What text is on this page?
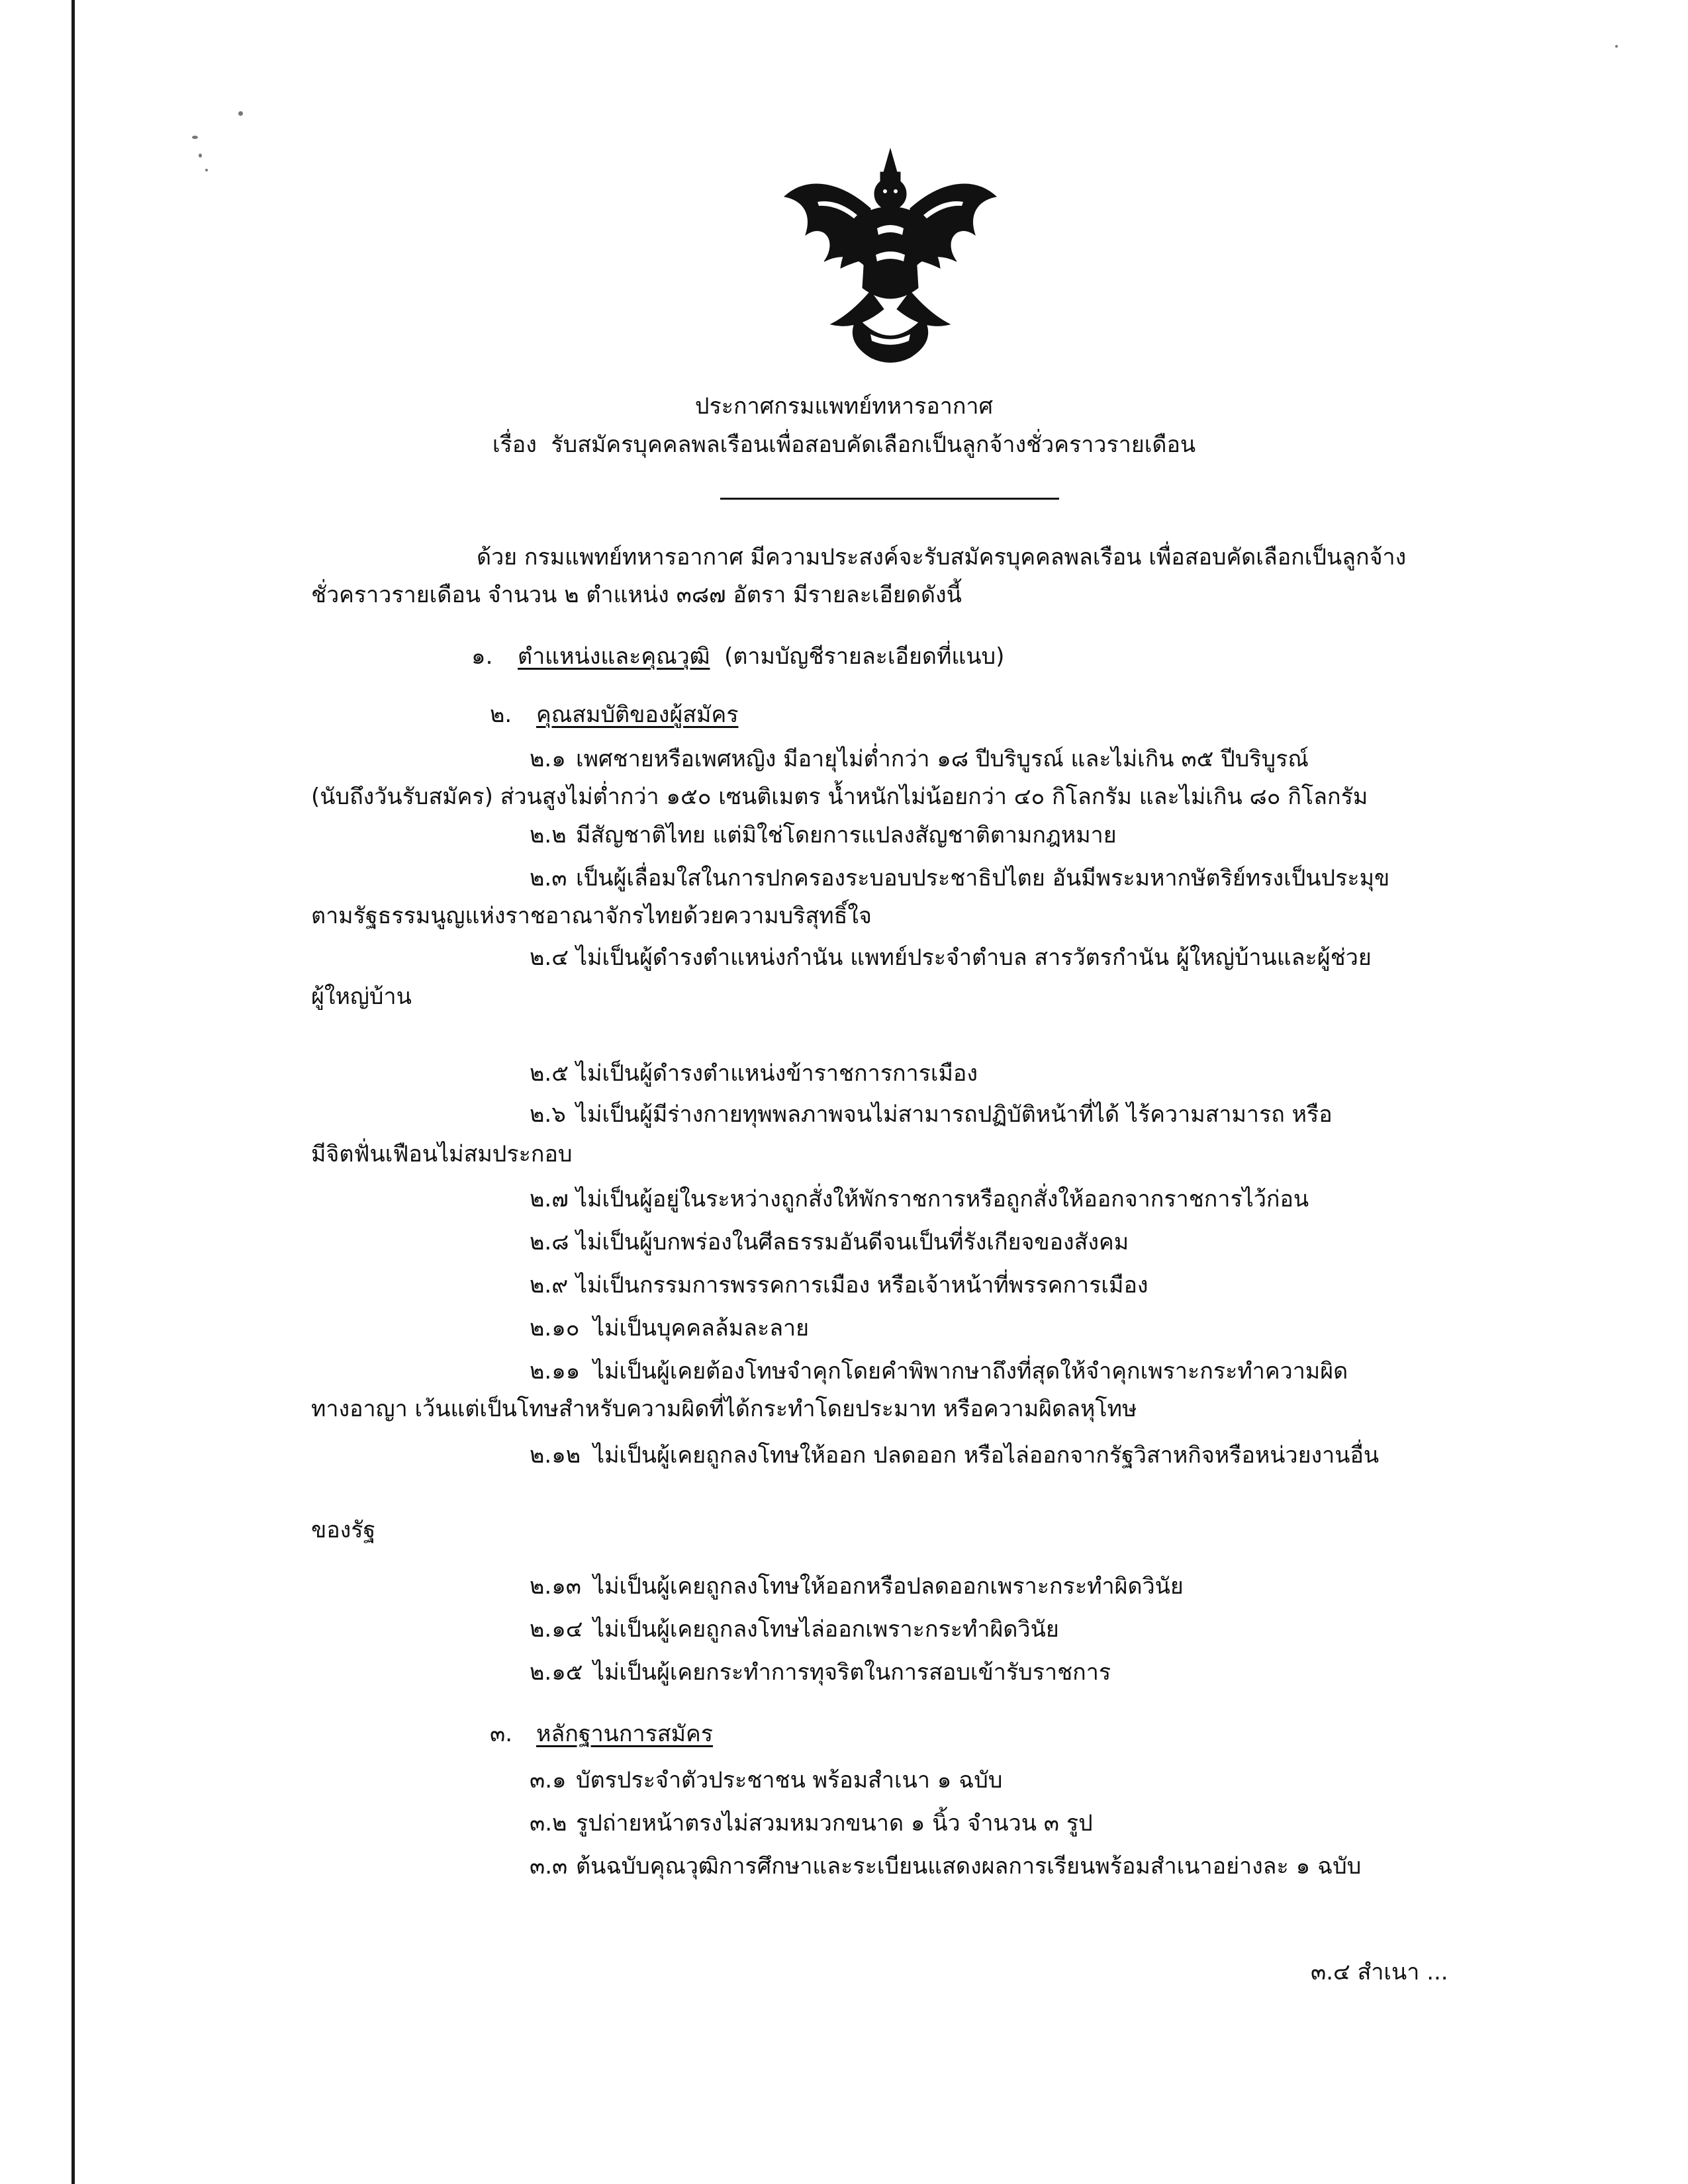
ประกาศกรมแพทย์ทหารอากาศ
เรื่อง รับสมัครบุคคลพลเรือนเพื่อสอบคัดเลือกเป็นลูกจ้างชั่วคราวรายเดือน
ด้วย กรมแพทย์ทหารอากาศ มีความประสงค์จะรับสมัครบุคคลพลเรือน เพื่อสอบคัดเลือกเป็นลูกจ้าง
ชั่วคราวรายเดือน จำนวน ๒ ตำแหน่ง ๓๘๗ อัตรา มีรายละเอียดดังนี้
๑. ตำแหน่งและคุณวุฒิ (ตามบัญชีรายละเอียดที่แนบ)
๒. คุณสมบัติของผู้สมัคร
๒.๑ เพศชายหรือเพศหญิง มีอายุไม่ต่ำกว่า ๑๘ ปีบริบูรณ์ และไม่เกิน ๓๕ ปีบริบูรณ์
(นับถึงวันรับสมัคร) ส่วนสูงไม่ต่ำกว่า ๑๕๐ เซนติเมตร น้ำหนักไม่น้อยกว่า ๔๐ กิโลกรัม และไม่เกิน ๘๐ กิโลกรัม
๒.๒ มีสัญชาติไทย แต่มิใช่โดยการแปลงสัญชาติตามกฎหมาย
๒.๓ เป็นผู้เลื่อมใสในการปกครองระบอบประชาธิปไตย อันมีพระมหากษัตริย์ทรงเป็นประมุข
ตามรัฐธรรมนูญแห่งราชอาณาจักรไทยด้วยความบริสุทธิ์ใจ
๒.๔ ไม่เป็นผู้ดำรงตำแหน่งกำนัน แพทย์ประจำตำบล สารวัตรกำนัน ผู้ใหญ่บ้านและผู้ช่วย
ผู้ใหญ่บ้าน
๒.๕ ไม่เป็นผู้ดำรงตำแหน่งข้าราชการการเมือง
๒.๖ ไม่เป็นผู้มีร่างกายทุพพลภาพจนไม่สามารถปฏิบัติหน้าที่ได้ ไร้ความสามารถ หรือ
มีจิตฟั่นเฟือนไม่สมประกอบ
๒.๗ ไม่เป็นผู้อยู่ในระหว่างถูกสั่งให้พักราชการหรือถูกสั่งให้ออกจากราชการไว้ก่อน
๒.๘ ไม่เป็นผู้บกพร่องในศีลธรรมอันดีจนเป็นที่รังเกียจของสังคม
๒.๙ ไม่เป็นกรรมการพรรคการเมือง หรือเจ้าหน้าที่พรรคการเมือง
๒.๑๐ ไม่เป็นบุคคลล้มละลาย
๒.๑๑ ไม่เป็นผู้เคยต้องโทษจำคุกโดยคำพิพากษาถึงที่สุดให้จำคุกเพราะกระทำความผิด
ทางอาญา เว้นแต่เป็นโทษสำหรับความผิดที่ได้กระทำโดยประมาท หรือความผิดลหุโทษ
๒.๑๒ ไม่เป็นผู้เคยถูกลงโทษให้ออก ปลดออก หรือไล่ออกจากรัฐวิสาหกิจหรือหน่วยงานอื่น
ของรัฐ
๒.๑๓ ไม่เป็นผู้เคยถูกลงโทษให้ออกหรือปลดออกเพราะกระทำผิดวินัย
๒.๑๔ ไม่เป็นผู้เคยถูกลงโทษไล่ออกเพราะกระทำผิดวินัย
๒.๑๕ ไม่เป็นผู้เคยกระทำการทุจริตในการสอบเข้ารับราชการ
๓. หลักฐานการสมัคร
๓.๑ บัตรประจำตัวประชาชน พร้อมสำเนา ๑ ฉบับ
๓.๒ รูปถ่ายหน้าตรงไม่สวมหมวกขนาด ๑ นิ้ว จำนวน ๓ รูป
๓.๓ ต้นฉบับคุณวุฒิการศึกษาและระเบียนแสดงผลการเรียนพร้อมสำเนาอย่างละ ๑ ฉบับ
๓.๔ สำเนา ...
